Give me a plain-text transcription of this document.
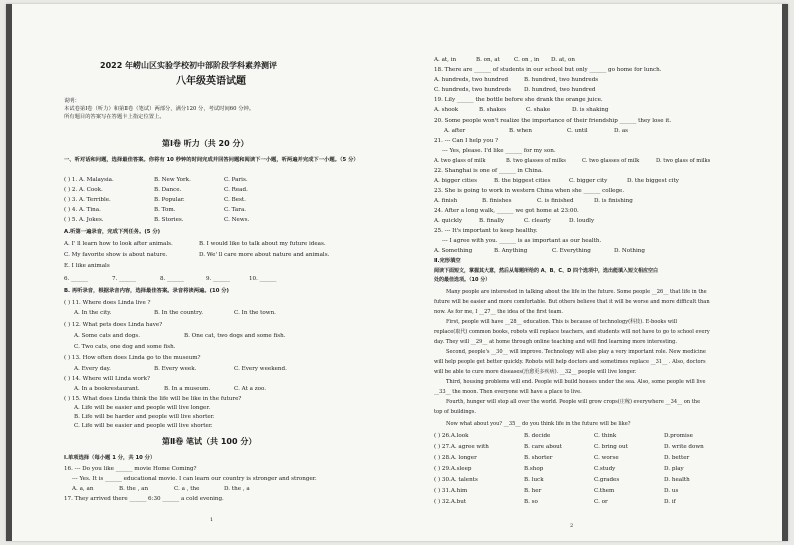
2022 年崂山区实验学校初中部阶段学科素养测评
八年级英语试题
说明：
本试卷第Ⅰ卷（听力）和第Ⅱ卷（笔试）两部分，满分120 分，考试时间60 分钟。
所有题目的答案写在答题卡上指定位置上。
第Ⅰ卷 听力（共 20 分）
一、听对话和问题，选择最佳答案。你将有 10 秒钟的时间完成并回答问题和阅读下一小题，听两遍并完成下一小题。（5 分）
( ) 1. A. Malaysia.	B. New York.	C. Paris.
( ) 2. A. Cook.	B. Dance.	C. Read.
( ) 3. A. Terrible.	B. Popular.	C. Best.
( ) 4. A. Tina.	B. Tom.	C. Tara.
( ) 5. A. Jokes.	B. Stories.	C. News.
A.听第一遍录音，完成下列任务。(5 分)
A. I' ll learn how to look after animals.	B. I would like to talk about my future ideas.
C. My favorite show is about nature.	D. We' ll care more about nature and animals.
E. I like animals
6. ______	7. ______	8. ______	9. ______	10. ______
B. 再听录音，根据录音内容，选择最佳答案。录音将读两遍。(10 分)
( ) 11. Where does Linda live ?
A. In the city.	B. In the country.	C. In the town.
( ) 12. What pets does Linda have?
A. Some cats and dogs.	B. One cat, two dogs and some fish.
C. Two cats, one dog and some fish.
( ) 13. How often does Linda go to the museum?
A. Every day.	B. Every week.	C. Every weekend.
( ) 14. Where will Linda work?
A. In a bookrestaurant.	B. In a museum.	C. At a zoo.
( ) 15. What does Linda think the life will be like in the future?
A. Life will be easier and people will live longer.
B. Life will be harder and people will live shorter.
C. Life will be easier and people will live shorter.
第Ⅱ卷 笔试（共 100 分）
Ⅰ.单项选择（每小题 1 分，共 10 分）
16. --- Do you like ______ movie Home Coming?
--- Yes. It is ______ educational movie. I can learn our country is stronger and stronger.
A. a, an	B. the , an	C. a , the	D. the , a
17. They arrived there ______ 6:30 ______ a cold evening.
1
A. at, in	B. on, at	C. on , in D. at, on
18. There are ______ of students in our school but only ______ go home for lunch.
A. hundreds, two hundred	B. hundred, two hundreds
C. hundreds, two hundreds D. hundred, two hundred
19. Lily ______ the bottle before she drank the orange juice.
A. shook	B. shakes	C. shake	D. is shaking
20. Some people won't realize the importance of their friendship ______ they lose it.
A. after	B. when	C. until	D. as
21. --- Can I help you ?
--- Yes, please. I'd like ______ for my son.
A. two glass of milk	B. two glasses of milks	C. two glasses of milk	D. two glass of milks
22. Shanghai is one of ______ in China.
A. bigger cities	B. the biggest cities	C. bigger city	D. the biggest city
23. She is going to work in western China when she ______ college.
A. finish	B. finishes	C. is finished	D. is finishing
24. After a long walk, ______ we got home at 23:00.
A. quickly	B. finally	C. clearly	D. loudly
25. --- It's important to keep healthy.
--- I agree with you. ______ is as important as our health.
A. Something	B. Anything	C. Everything	D. Nothing
Ⅱ.完形填空
阅读下面短文，掌握其大意，然后从每题所给的 A、B、C、D 四个选项中，选出能填入短文相应空白
处的最佳选项。（10 分）
Many people are interested in talking about the life in the future. Some people __26__ that life in the
future will be easier and more comfortable. But others believe that it will be worse and more difficult than
now. As for me, I __27__ the idea of the first team.
First, people will have __28__ education. This is because of technology(科技). E-books will
replace(取代) common books, robots will replace teachers, and students will not have to go to school every
day. They will __29__ at home through online teaching and will find learning more interesting.
Second, people's __30__ will improve. Technology will also play a very important role. New medicine
will help people get better quickly. Robots will help doctors and sometimes replace __31__ . Also, doctors
will be able to cure more diseases(治愈更多疾病). __32__ people will live longer.
Third, housing problems will end. People will build houses under the sea. Also, some people will live
__33__ the moon. Then everyone will have a place to live.
Fourth, hunger will stop all over the world. People will grow crops(庄稼) everywhere __34__ on the
top of buildings.
Now what about you? __35__ do you think life in the future will be like?
( ) 26.A.look	B. decide	C. think	D.promise
( ) 27.A. agree with	B. care about	C. bring out	D. write down
( ) 28.A. longer	B. shorter	C. worse	D. better
( ) 29.A.sleep	B.shop	C.study	D. play
( ) 30.A. talents	B. luck	C.grades	D. health
( ) 31.A.him	B. her	C.them	D. us
( ) 32.A.but	B. so	C. or	D. if
2
